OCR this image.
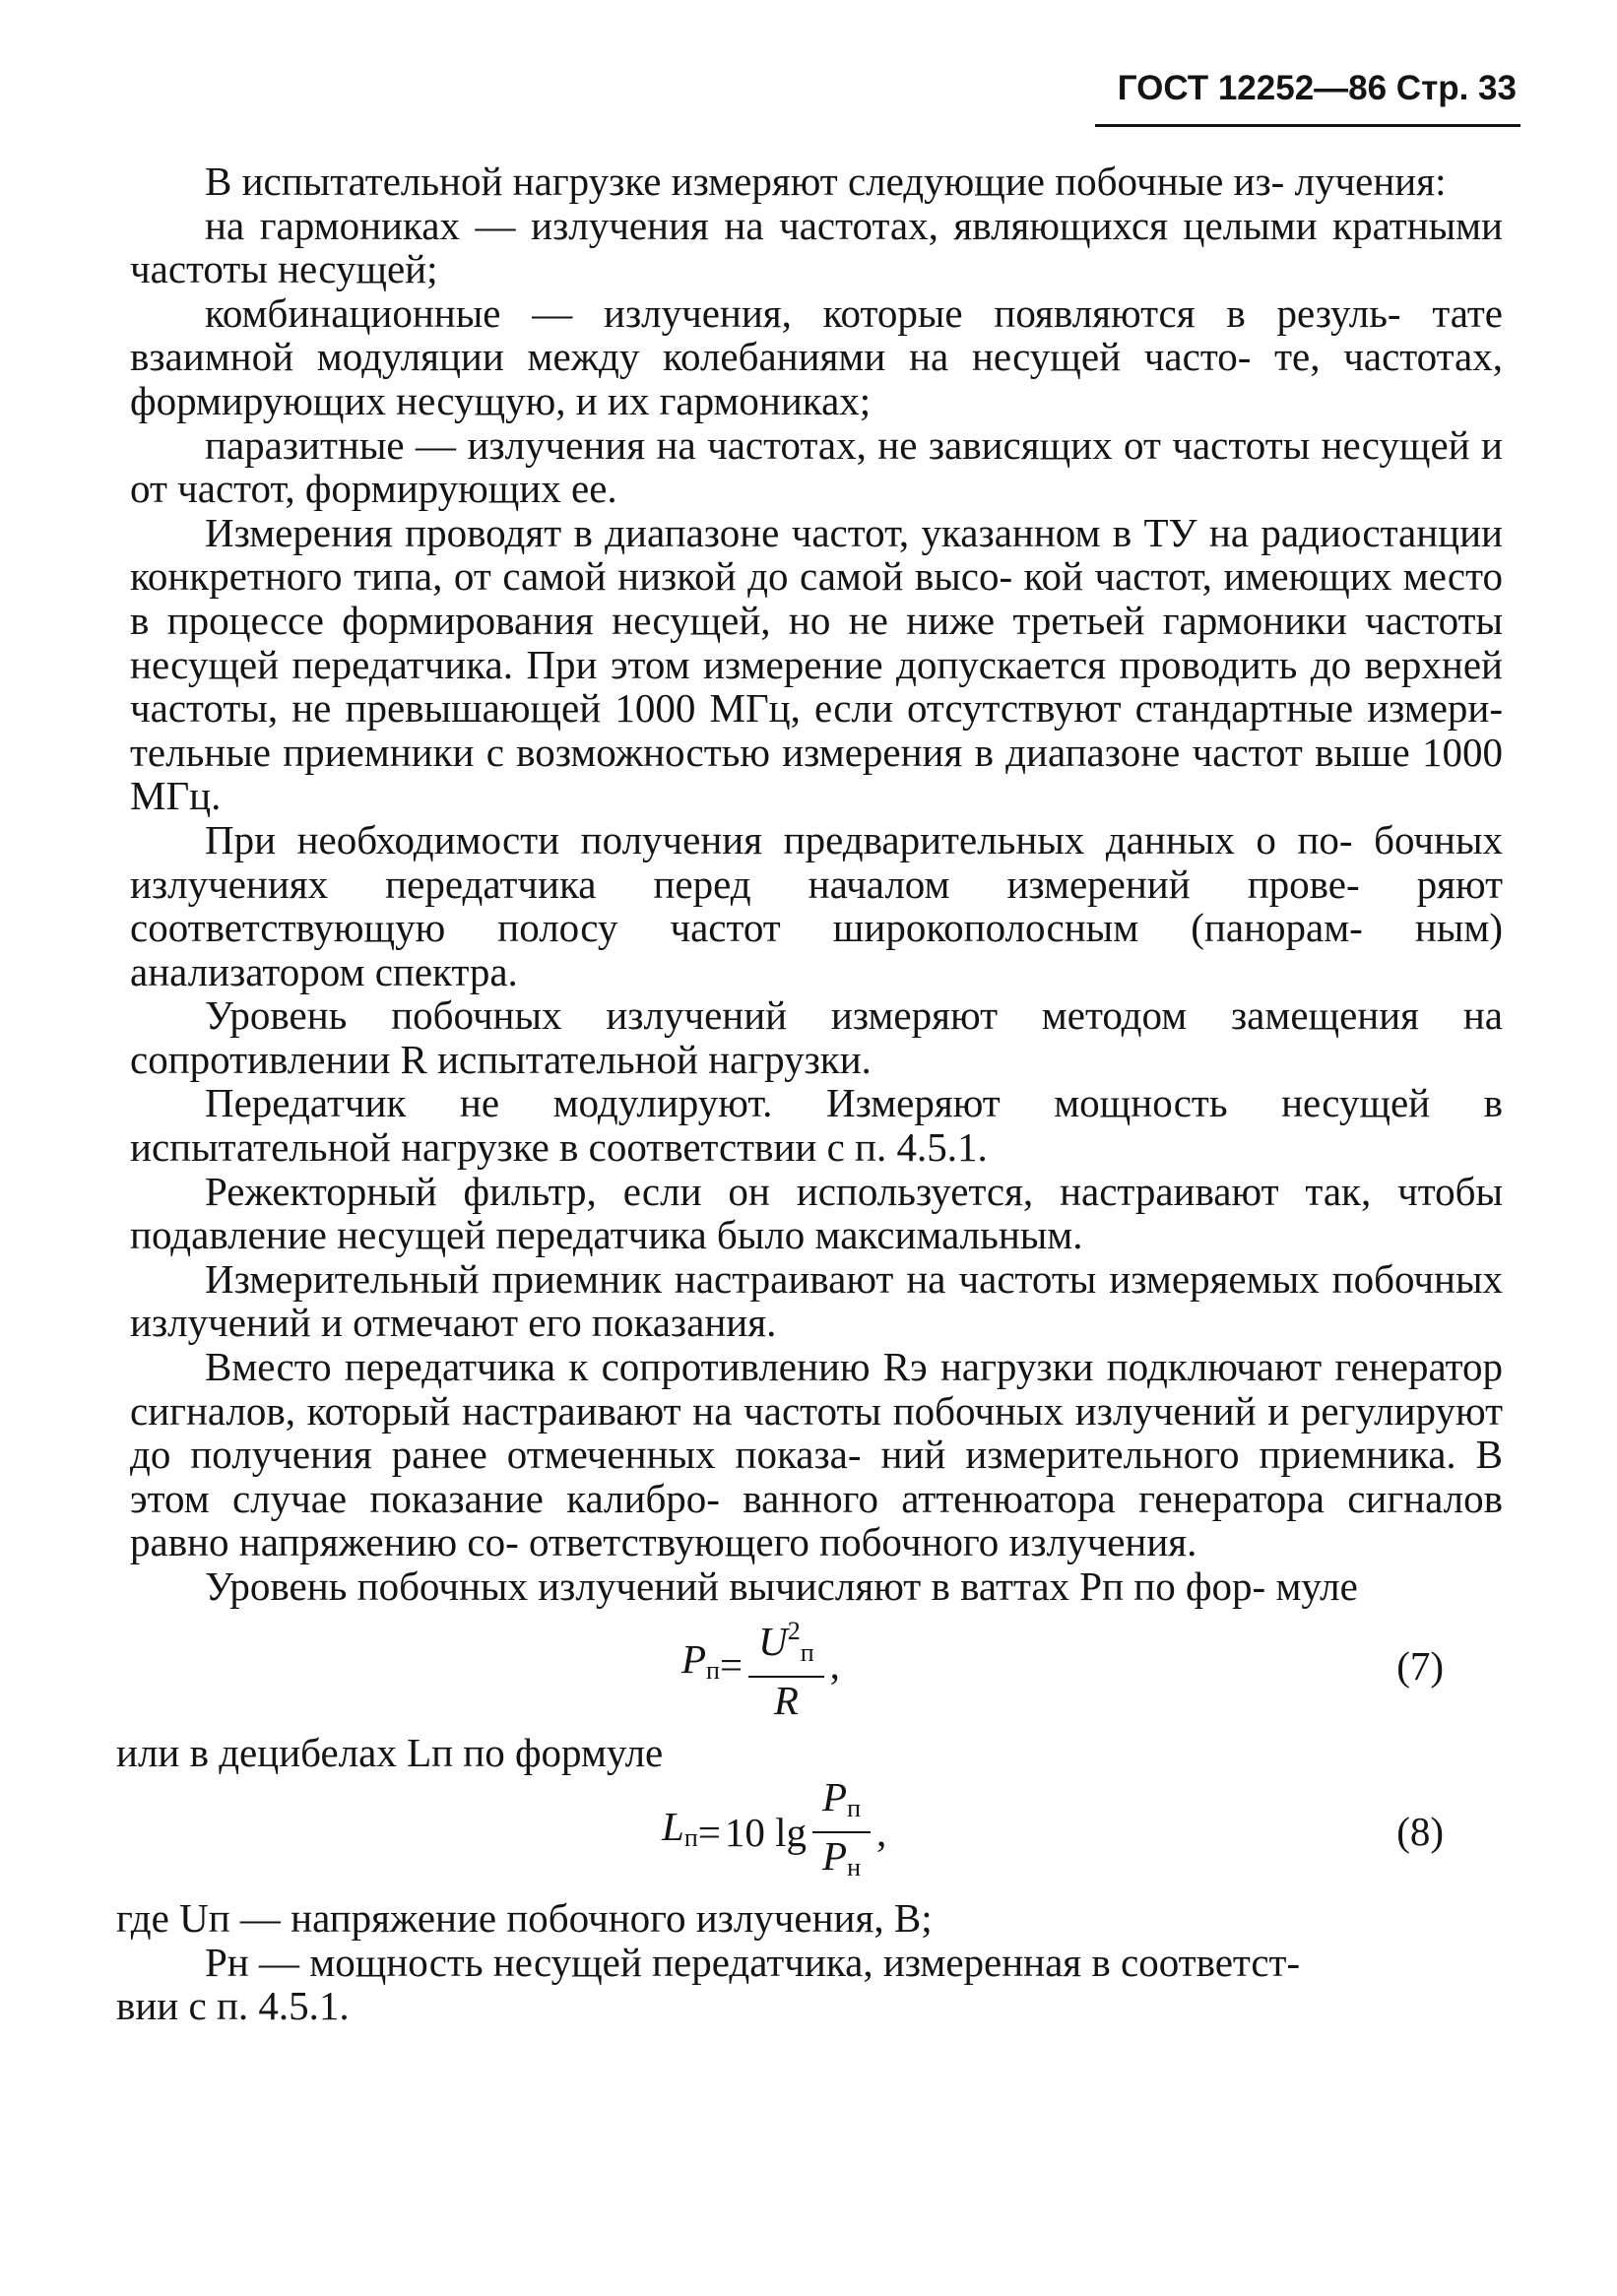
ГОСТ 12252—86 Стр. 33

В испытательной нагрузке измеряют следующие побочные из- лучения:

на гармониках — излучения на частотах, являющихся целыми кратными частоты несущей;

комбинационные — излучения, которые появляются в резуль- тате взаимной модуляции между колебаниями на несущей часто- те, частотах, формирующих несущую, и их гармониках;

паразитные — излучения на частотах, не зависящих от частоты несущей и от частот, формирующих ее.

Измерения проводят в диапазоне частот, указанном в ТУ на радиостанции конкретного типа, от самой низкой до самой высо- кой частот, имеющих место в процессе формирования несущей, но не ниже третьей гармоники частоты несущей передатчика. При этом измерение допускается проводить до верхней частоты, не превышающей 1000 МГц, если отсутствуют стандартные измери- тельные приемники с возможностью измерения в диапазоне частот выше 1000 МГц.

При необходимости получения предварительных данных о по- бочных излучениях передатчика перед началом измерений прове- ряют соответствующую полосу частот широкополосным (панорам- ным) анализатором спектра.

Уровень побочных излучений измеряют методом замещения на сопротивлении R испытательной нагрузки.

Передатчик не модулируют. Измеряют мощность несущей в испытательной нагрузке в соответствии с п. 4.5.1.

Режекторный фильтр, если он используется, настраивают так, чтобы подавление несущей передатчика было максимальным.

Измерительный приемник настраивают на частоты измеряемых побочных излучений и отмечают его показания.

Вместо передатчика к сопротивлению Rэ нагрузки подключают генератор сигналов, который настраивают на частоты побочных излучений и регулируют до получения ранее отмеченных показа- ний измерительного приемника. В этом случае показание калибро- ванного аттенюатора генератора сигналов равно напряжению со- ответствующего побочного излучения.

Уровень побочных излучений вычисляют в ваттах Pп по фор- муле

$P_п = \frac{U^2_п}{R}$ ,	(7)

или в децибелах Lп по формуле

$L_п = 10$ $\lg \frac{P_п}{P_н}$ ,	(8)

где Uп — напряжение побочного излучения, В;

Pн — мощность несущей передатчика, измеренная в соответст-

вии с п. 4.5.1.
